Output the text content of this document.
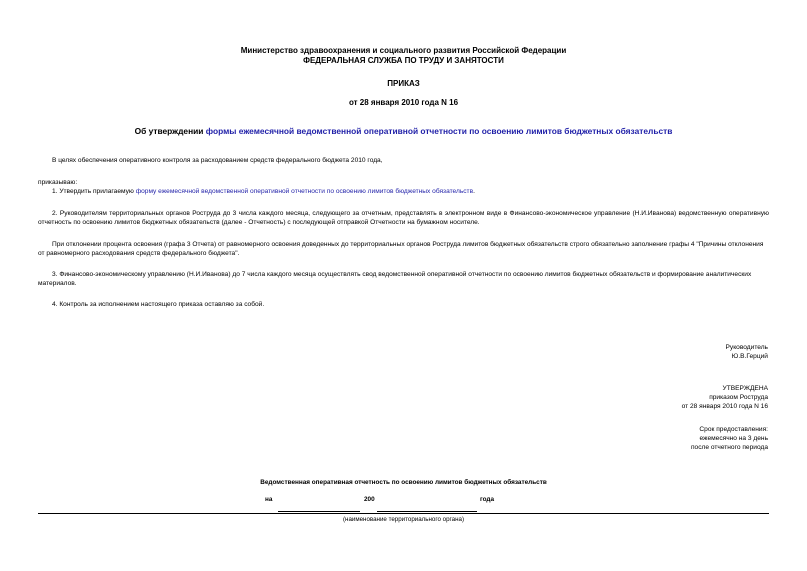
Министерство здравоохранения и социального развития Российской Федерации
ФЕДЕРАЛЬНАЯ СЛУЖБА ПО ТРУДУ И ЗАНЯТОСТИ
ПРИКАЗ
от 28 января 2010 года N 16
Об утверждении формы ежемесячной ведомственной оперативной отчетности по освоению лимитов бюджетных обязательств
В целях обеспечения оперативного контроля за расходованием средств федерального бюджета 2010 года,
приказываю:
1. Утвердить прилагаемую форму ежемесячной ведомственной оперативной отчетности по освоению лимитов бюджетных обязательств.
2. Руководителям территориальных органов Роструда до 3 числа каждого месяца, следующего за отчетным, представлять в электронном виде в Финансово-экономическое управление (Н.И.Иванова) ведомственную оперативную отчетность по освоению лимитов бюджетных обязательств (далее - Отчетность) с последующей отправкой Отчетности на бумажном носителе.
При отклонении процента освоения (графа 3 Отчета) от равномерного освоения доведенных до территориальных органов Роструда лимитов бюджетных обязательств строго обязательно заполнение графы 4 "Причины отклонения от равномерного расходования средств федерального бюджета".
3. Финансово-экономическому управлению (Н.И.Иванова) до 7 числа каждого месяца осуществлять свод ведомственной оперативной отчетности по освоению лимитов бюджетных обязательств и формирование аналитических материалов.
4. Контроль за исполнением настоящего приказа оставляю за собой.
Руководитель
Ю.В.Герций
УТВЕРЖДЕНА
приказом Роструда
от 28 января 2010 года N 16
Срок предоставления:
ежемесячно на 3 день
после отчетного периода
Ведомственная оперативная отчетность по освоению лимитов бюджетных обязательств
на	200	года
(наименование территориального органа)
